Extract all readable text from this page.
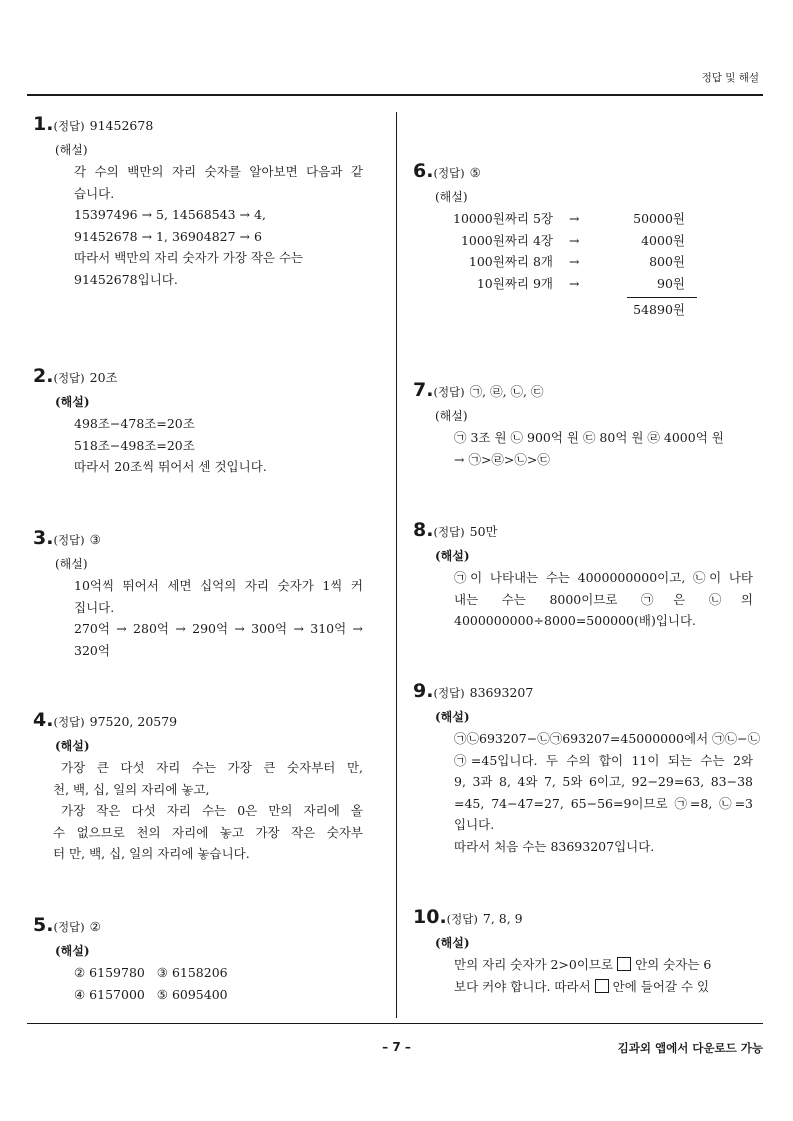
정답 및 해설
1. (정답) 91452678
(해설)
각 수의 백만의 자리 숫자를 알아보면 다음과 같
습니다.
15397496 → 5, 14568543 → 4,
91452678 → 1, 36904827 → 6
따라서 백만의 자리 숫자가 가장 작은 수는
91452678입니다.
2. (정답) 20조
(해설)
498조−478조=20조
518조−498조=20조
따라서 20조씩 뛰어서 센 것입니다.
3. (정답) ③
(해설)
10억씩 뛰어서 세면 십억의 자리 숫자가 1씩 커
집니다.
270억 → 280억 → 290억 → 300억 → 310억 →
320억
4. (정답) 97520, 20579
(해설)
가장 큰 다섯 자리 수는 가장 큰 숫자부터 만,
천, 백, 십, 일의 자리에 놓고,
가장 작은 다섯 자리 수는 0은 만의 자리에 올
수 없으므로 천의 자리에 놓고 가장 작은 숫자부
터 만, 백, 십, 일의 자리에 놓습니다.
5. (정답) ②
(해설)
② 6159780   ③ 6158206
④ 6157000   ⑤ 6095400
6. (정답) ⑤
(해설)
10000원짜리 5장 →	50000원
1000원짜리 4장 →	4000원
100원짜리 8개 →	800원
10원짜리 9개 →	90원
54890원
7. (정답) ㉠, ㉣, ㉡, ㉢
(해설)
㉠ 3조 원 ㉡ 900억 원 ㉢ 80억 원 ㉣ 4000억 원
→ ㉠>㉣>㉡>㉢
8. (정답) 50만
(해설)
㉠이 나타내는 수는 4000000000이고, ㉡이 나타
내는 수는 8000이므로 ㉠은 ㉡의
4000000000÷8000=500000(배)입니다.
9. (정답) 83693207
(해설)
㉠㉡693207−㉡㉠693207=45000000에서 ㉠㉡−㉡
㉠=45입니다. 두 수의 합이 11이 되는 수는 2와
9, 3과 8, 4와 7, 5와 6이고, 92−29=63, 83−38
=45, 74−47=27, 65−56=9이므로 ㉠=8, ㉡=3
입니다.
따라서 처음 수는 83693207입니다.
10. (정답) 7, 8, 9
(해설)
만의 자리 숫자가 2>0이므로 안의 숫자는 6
보다 커야 합니다. 따라서 안에 들어갈 수 있
– 7 –	김과외 앱에서 다운로드 가능
